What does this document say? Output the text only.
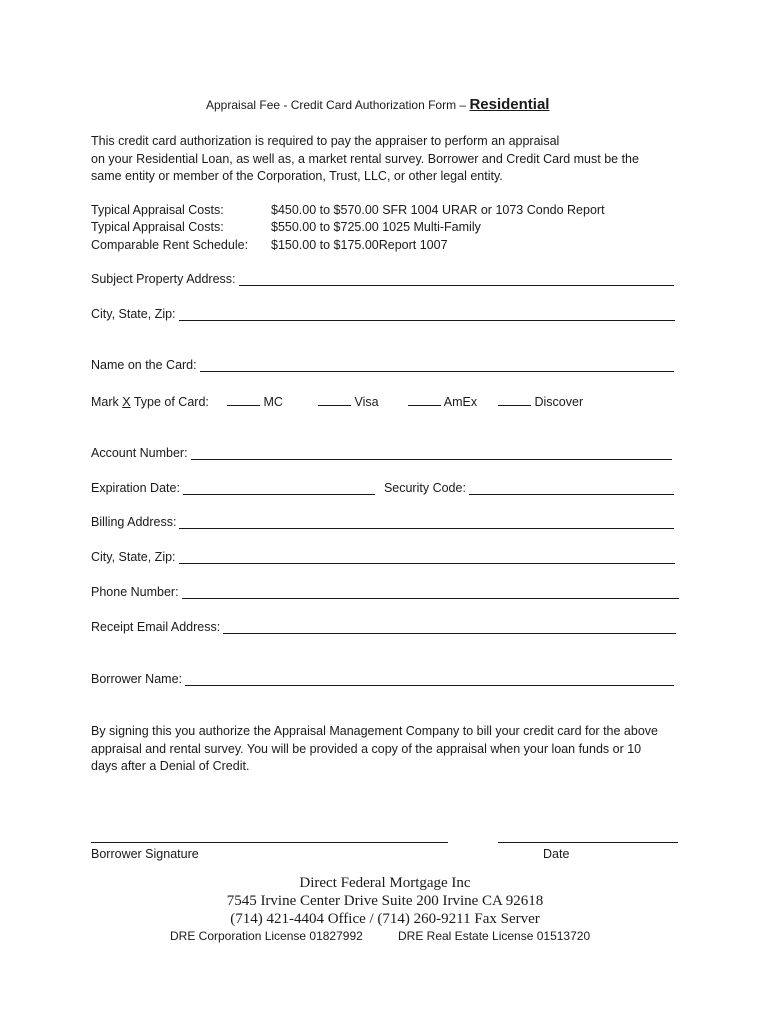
Appraisal Fee - Credit Card Authorization Form – Residential
This credit card authorization is required to pay the appraiser to perform an appraisal
on your Residential Loan, as well as, a market rental survey. Borrower and Credit Card must be the
same entity or member of the Corporation, Trust, LLC, or other legal entity.
Typical Appraisal Costs:	$450.00 to $570.00 SFR 1004 URAR or 1073 Condo Report
Typical Appraisal Costs:	$550.00 to $725.00 1025 Multi-Family
Comparable Rent Schedule: $150.00 to $175.00Report 1007
Subject Property Address:
City, State, Zip:
Name on the Card:
Mark X Type of Card:	MC	Visa	AmEx	Discover
Account Number:
Expiration Date:	Security Code:
Billing Address:
City, State, Zip:
Phone Number:
Receipt Email Address:
Borrower Name:
By signing this you authorize the Appraisal Management Company to bill your credit card for the above
appraisal and rental survey. You will be provided a copy of the appraisal when your loan funds or 10
days after a Denial of Credit.
Borrower Signature	Date
Direct Federal Mortgage Inc
7545 Irvine Center Drive Suite 200 Irvine CA 92618
(714) 421-4404 Office / (714) 260-9211 Fax Server
DRE Corporation License 01827992	DRE Real Estate License 01513720
